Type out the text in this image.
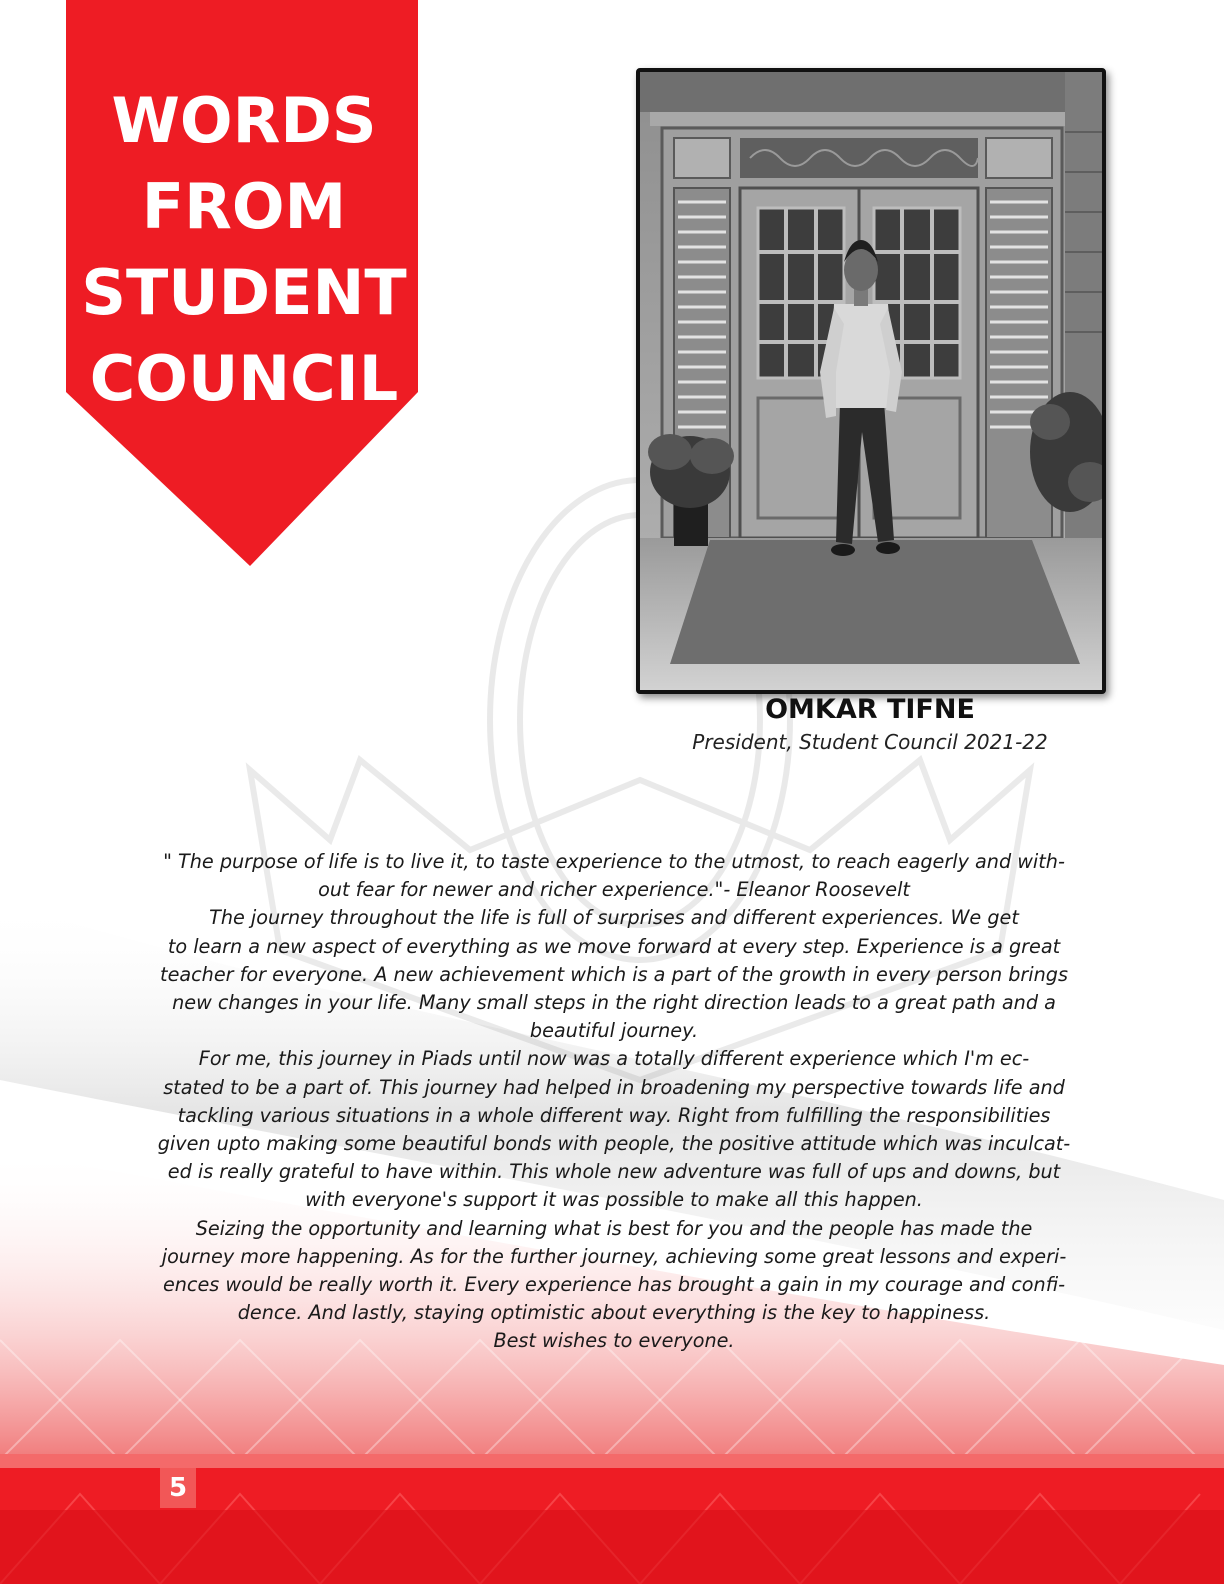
WORDS
FROM
STUDENT
COUNCIL
OMKAR TIFNE
President, Student Council 2021-22

" The purpose of life is to live it, to taste experience to the utmost, to reach eagerly and with-

out fear for newer and richer experience."- Eleanor Roosevelt

The journey throughout the life is full of surprises and different experiences. We get

to learn a new aspect of everything as we move forward at every step. Experience is a great

teacher for everyone. A new achievement which is a part of the growth in every person brings

new changes in your life. Many small steps in the right direction leads to a great path and a

beautiful journey.

For me, this journey in Piads until now was a totally different experience which I'm ec-

stated to be a part of. This journey had helped in broadening my perspective towards life and

tackling various situations in a whole different way. Right from fulfilling the responsibilities

given upto making some beautiful bonds with people, the positive attitude which was inculcat-

ed is really grateful to have within. This whole new adventure was full of ups and downs, but

with everyone's support it was possible to make all this happen.

Seizing the opportunity and learning what is best for you and the people has made the

journey more happening. As for the further journey, achieving some great lessons and experi-

ences would be really worth it. Every experience has brought a gain in my courage and confi-

dence. And lastly, staying optimistic about everything is the key to happiness.

Best wishes to everyone.

5
